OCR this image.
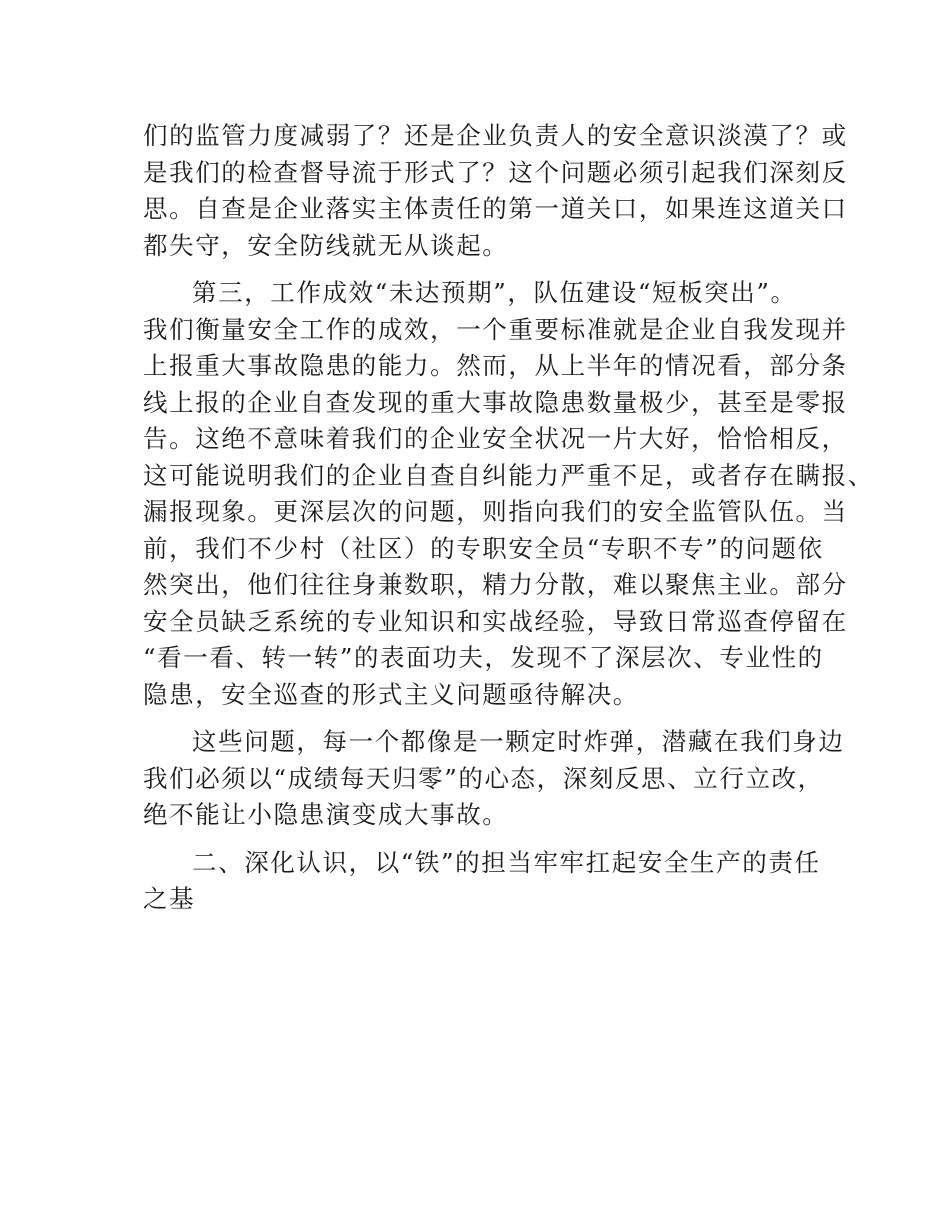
们的监管力度减弱了？还是企业负责人的安全意识淡漠了？或
是我们的检查督导流于形式了？这个问题必须引起我们深刻反
思。自查是企业落实主体责任的第一道关口，如果连这道关口
都失守，安全防线就无从谈起。
第三，工作成效“未达预期”，队伍建设“短板突出”。
我们衡量安全工作的成效，一个重要标准就是企业自我发现并
上报重大事故隐患的能力。然而，从上半年的情况看，部分条
线上报的企业自查发现的重大事故隐患数量极少，甚至是零报
告。这绝不意味着我们的企业安全状况一片大好，恰恰相反，
这可能说明我们的企业自查自纠能力严重不足，或者存在瞒报、
漏报现象。更深层次的问题，则指向我们的安全监管队伍。当
前，我们不少村（社区）的专职安全员“专职不专”的问题依
然突出，他们往往身兼数职，精力分散，难以聚焦主业。部分
安全员缺乏系统的专业知识和实战经验，导致日常巡查停留在
“看一看、转一转”的表面功夫，发现不了深层次、专业性的
隐患，安全巡查的形式主义问题亟待解决。
这些问题，每一个都像是一颗定时炸弹，潜藏在我们身边
我们必须以“成绩每天归零”的心态，深刻反思、立行立改，
绝不能让小隐患演变成大事故。
二、深化认识，以“铁”的担当牢牢扛起安全生产的责任
之基
